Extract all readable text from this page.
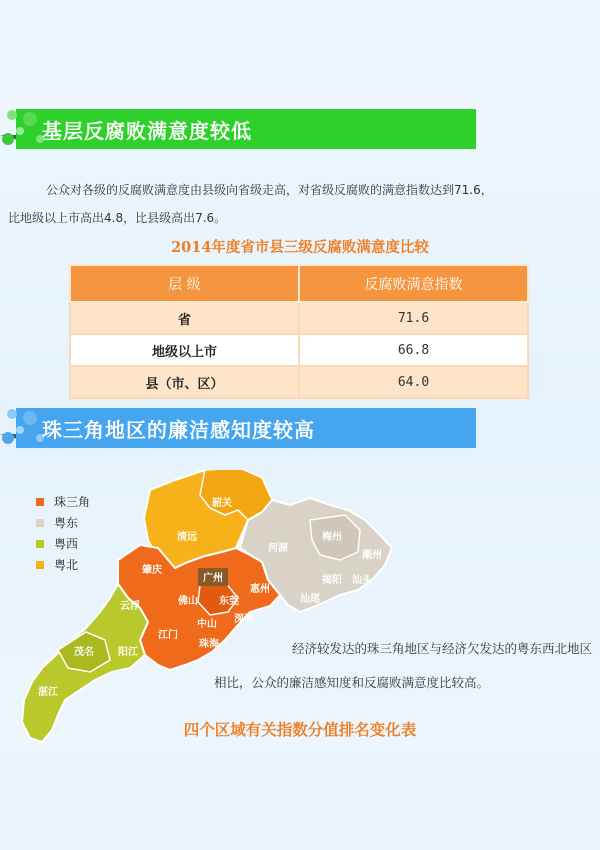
基层反腐败满意度较低
公众对各级的反腐败满意度由县级向省级走高，对省级反腐败的满意指数达到71.6，
比地级以上市高出4.8，比县级高出7.6。
2014年度省市县三级反腐败满意度比较
层 级	反腐败满意指数
省	71.6
地级以上市	66.8
县（市、区）	64.0
珠三角地区的廉洁感知度较高
珠三角
粤东
粤西
粤北
韶关
清远
河源
梅州
潮州
肇庆
广州
惠州
揭阳 汕头
云浮	佛山 东莞	汕尾
中山 深圳
江门
珠海
茂名 阳江
湛江
经济较发达的珠三角地区与经济欠发达的粤东西北地区
相比，公众的廉洁感知度和反腐败满意度比较高。
四个区域有关指数分值排名变化表
